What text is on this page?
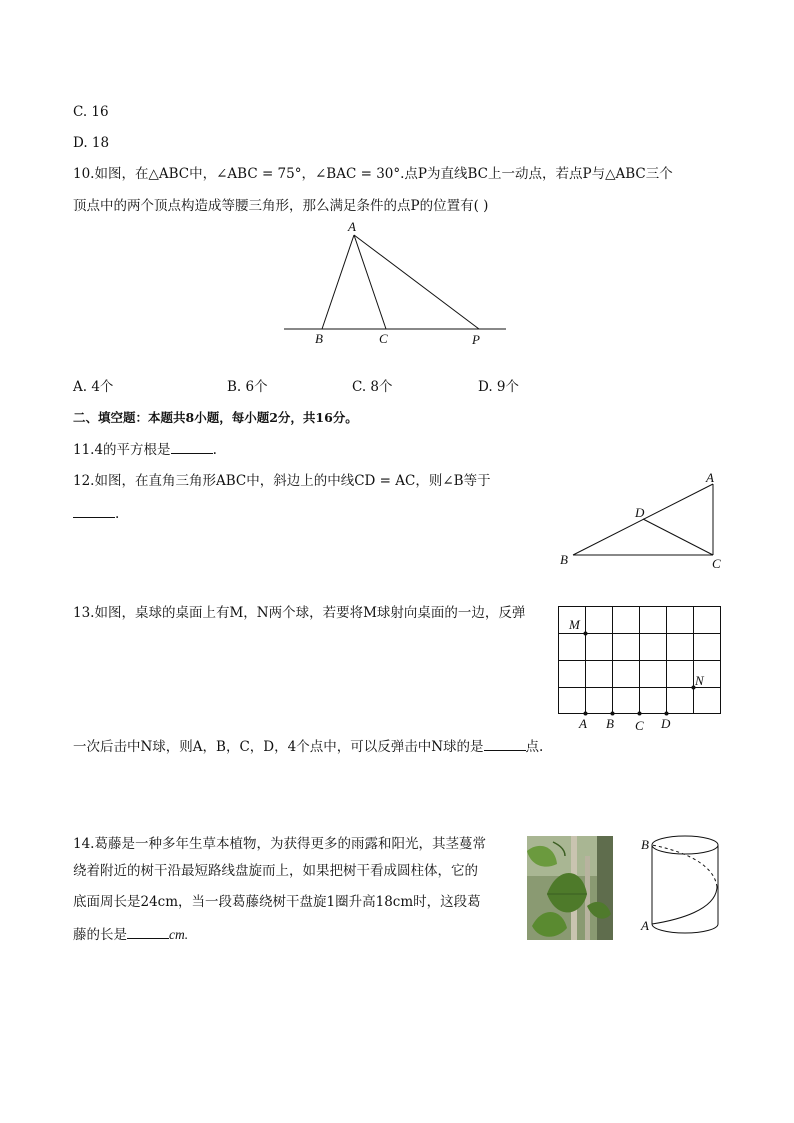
C. 16
D. 18
10.如图，在△ABC中，∠ABC = 75°，∠BAC = 30°.点P为直线BC上一动点，若点P与△ABC三个
顶点中的两个顶点构造成等腰三角形，那么满足条件的点P的位置有( )
A
B	C	P
A. 4个	B. 6个	C. 8个	D. 9个
二、填空题：本题共8小题，每小题2分，共16分。
11.4的平方根是	.
12.如图，在直角三角形ABC中，斜边上的中线CD = AC，则∠B等于
.
A
B	C
D
13.如图，桌球的桌面上有M，N两个球，若要将M球射向桌面的一边，反弹
一次后击中N球，则A，B，C，D，4个点中，可以反弹击中N球的是	点.
M
N
A B C D
14.葛藤是一种多年生草本植物，为获得更多的雨露和阳光，其茎蔓常
绕着附近的树干沿最短路线盘旋而上，如果把树干看成圆柱体，它的
底面周长是24cm，当一段葛藤绕树干盘旋1圈升高18cm时，这段葛
藤的长是	cm.
B
A
